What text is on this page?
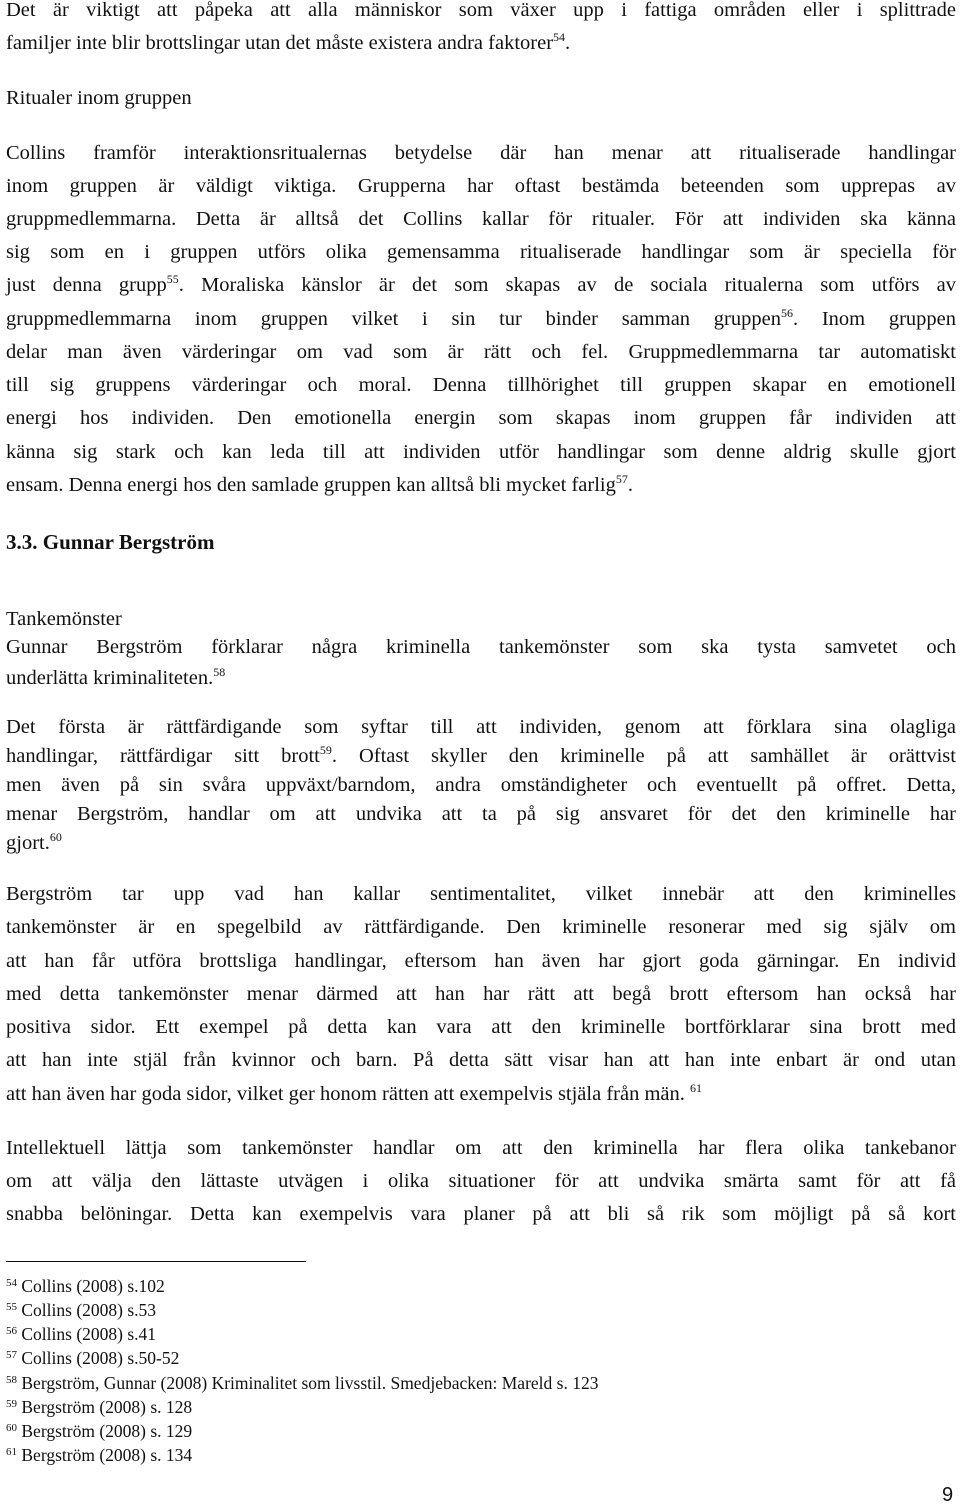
Det är viktigt att påpeka att alla människor som växer upp i fattiga områden eller i splittrade
familjer inte blir brottslingar utan det måste existera andra faktorer$^{54}$.
Ritualer inom gruppen
Collins framför interaktionsritualernas betydelse där han menar att ritualiserade handlingar
inom gruppen är väldigt viktiga. Grupperna har oftast bestämda beteenden som upprepas av
gruppmedlemmarna. Detta är alltså det Collins kallar för ritualer. För att individen ska känna
sig som en i gruppen utförs olika gemensamma ritualiserade handlingar som är speciella för
just denna grupp$^{55}$. Moraliska känslor är det som skapas av de sociala ritualerna som utförs av
gruppmedlemmarna inom gruppen vilket i sin tur binder samman gruppen$^{56}$. Inom gruppen
delar man även värderingar om vad som är rätt och fel. Gruppmedlemmarna tar automatiskt
till sig gruppens värderingar och moral. Denna tillhörighet till gruppen skapar en emotionell
energi hos individen. Den emotionella energin som skapas inom gruppen får individen att
känna sig stark och kan leda till att individen utför handlingar som denne aldrig skulle gjort
ensam. Denna energi hos den samlade gruppen kan alltså bli mycket farlig$^{57}$.
3.3. Gunnar Bergström
Tankemönster
Gunnar Bergström förklarar några kriminella tankemönster som ska tysta samvetet och
underlätta kriminaliteten.$^{58}$
Det första är rättfärdigande som syftar till att individen, genom att förklara sina olagliga
handlingar, rättfärdigar sitt brott$^{59}$. Oftast skyller den kriminelle på att samhället är orättvist
men även på sin svåra uppväxt/barndom, andra omständigheter och eventuellt på offret. Detta,
menar Bergström, handlar om att undvika att ta på sig ansvaret för det den kriminelle har
gjort.$^{60}$
Bergström tar upp vad han kallar sentimentalitet, vilket innebär att den kriminelles
tankemönster är en spegelbild av rättfärdigande. Den kriminelle resonerar med sig själv om
att han får utföra brottsliga handlingar, eftersom han även har gjort goda gärningar. En individ
med detta tankemönster menar därmed att han har rätt att begå brott eftersom han också har
positiva sidor. Ett exempel på detta kan vara att den kriminelle bortförklarar sina brott med
att han inte stjäl från kvinnor och barn. På detta sätt visar han att han inte enbart är ond utan
att han även har goda sidor, vilket ger honom rätten att exempelvis stjäla från män. $^{61}$
Intellektuell lättja som tankemönster handlar om att den kriminella har flera olika tankebanor
om att välja den lättaste utvägen i olika situationer för att undvika smärta samt för att få
snabba belöningar. Detta kan exempelvis vara planer på att bli så rik som möjligt på så kort
$^{54}$ Collins (2008) s.102
$^{55}$ Collins (2008) s.53
$^{56}$ Collins (2008) s.41
$^{57}$ Collins (2008) s.50-52
$^{58}$ Bergström, Gunnar (2008) Kriminalitet som livsstil. Smedjebacken: Mareld s. 123
$^{59}$ Bergström (2008) s. 128
$^{60}$ Bergström (2008) s. 129
$^{61}$ Bergström (2008) s. 134
9
